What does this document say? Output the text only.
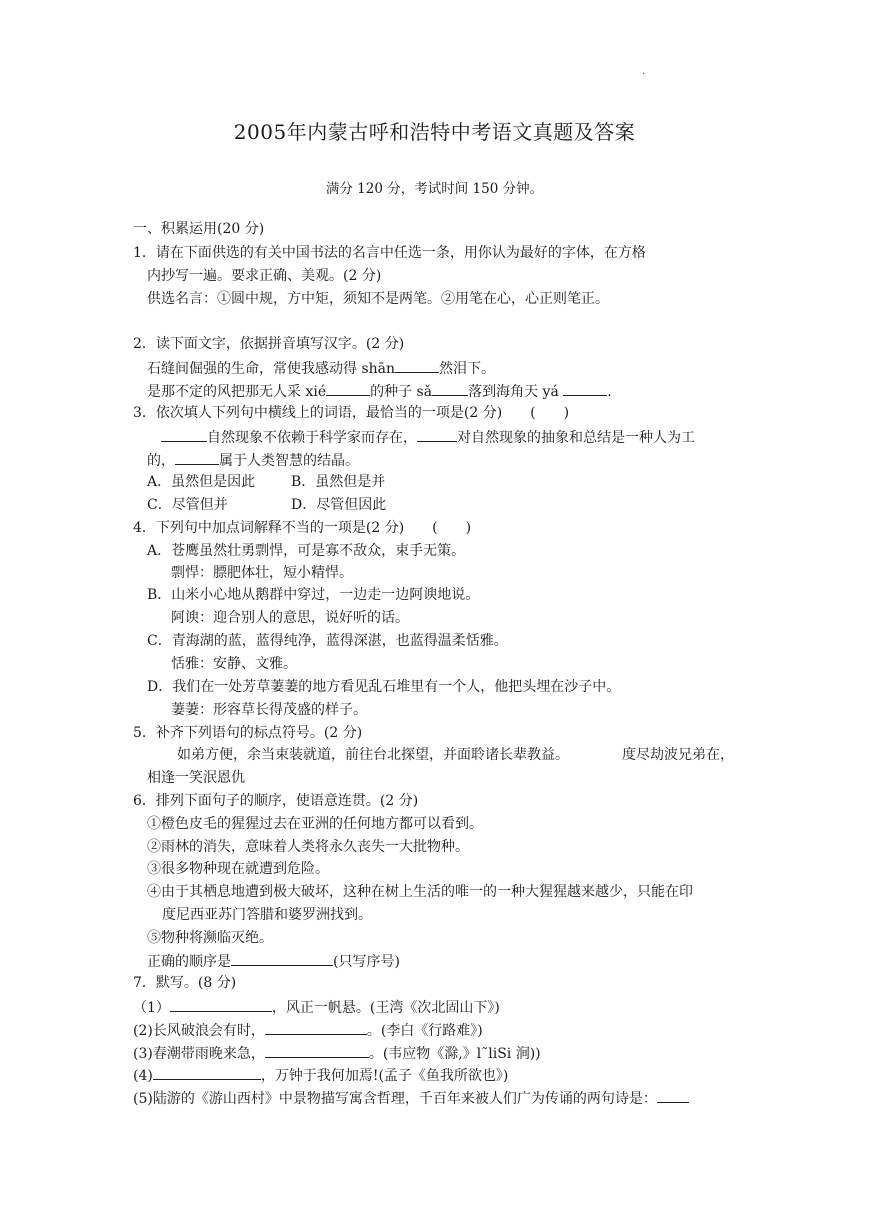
.
2005年内蒙古呼和浩特中考语文真题及答案
满分 120 分，考试时间 150 分钟。
一、积累运用(20 分)
1．请在下面供选的有关中国书法的名言中任选一条，用你认为最好的字体，在方格
内抄写一遍。要求正确、美观。(2 分)
供选名言：①圆中规，方中矩，须知不是两笔。②用笔在心，心正则笔正。
2．读下面文字，依据拼音填写汉字。(2 分)
石缝间倔强的生命，常使我感动得 shān	然泪下。
是那不定的风把那无人采 xié	的种子 sǎ	落到海角天 yá	.
3．依次填人下列句中横线上的词语，最恰当的一项是(2 分)　　(　　)
自然现象不依赖于科学家而存在，	对自然现象的抽象和总结是一种人为工
的，	属于人类智慧的结晶。
A．虽然但是因此	B．虽然但是并
C．尽管但并	D．尽管但因此
4．下列句中加点词解释不当的一项是(2 分)　　(　　)
A．苍鹰虽然壮勇剽悍，可是寡不敌众，束手无策。
剽悍：膘肥体壮，短小精悍。
B．山米小心地从鹅群中穿过，一边走一边阿谀地说。
阿谀：迎合别人的意思，说好听的话。
C．青海湖的蓝，蓝得纯净，蓝得深湛，也蓝得温柔恬雅。
恬雅：安静、文雅。
D．我们在一处芳草萋萋的地方看见乱石堆里有一个人，他把头埋在沙子中。
萋萋：形容草长得茂盛的样子。
5．补齐下列语句的标点符号。(2 分)
如弟方便，余当束装就道，前往台北探望，并面聆诸长辈教益。	度尽劫波兄弟在，
相逢一笑泯恩仇
6．排列下面句子的顺序，使语意连贯。(2 分)
①橙色皮毛的猩猩过去在亚洲的任何地方都可以看到。
②雨林的消失，意味着人类将永久丧失一大批物种。
③很多物种现在就遭到危险。
④由于其栖息地遭到极大破坏，这种在树上生活的唯一的一种大猩猩越来越少，只能在印
度尼西亚苏门答腊和婆罗洲找到。
⑤物种将濒临灭绝。
正确的顺序是	(只写序号)
7．默写。(8 分)
（1）	，风正一帆悬。(王湾《次北固山下》)
(2)长风破浪会有时，	。(李白《行路难》)
(3)春潮带雨晚来急，	。(韦应物《滁,》l˜liSi 涧))
(4)	，万钟于我何加焉!(孟子《鱼我所欲也》)
(5)陆游的《游山西村》中景物描写寓含哲理，千百年来被人们广为传诵的两句诗是：
